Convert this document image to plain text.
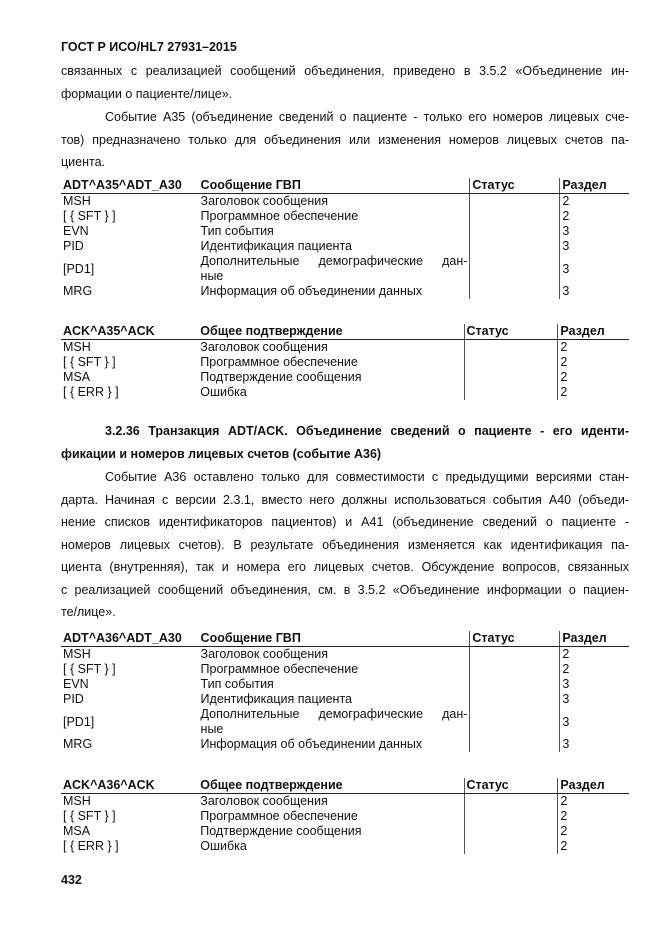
ГОСТ Р ИСО/HL7 27931–2015
связанных с реализацией сообщений объединения, приведено в 3.5.2 «Объединение ин-
формации о пациенте/лице».
Событие А35 (объединение сведений о пациенте - только его номеров лицевых сче-
тов) предназначено только для объединения или изменения номеров лицевых счетов па-
циента.
ADT^A35^ADT_A30	Сообщение ГВП	Статус	Раздел
MSH	Заголовок сообщения		2
[ { SFT } ]	Программное обеспечение		2
EVN	Тип события		3
PID	Идентификация пациента		3
[PD1]	Дополнительные демографические дан-
ные		3
MRG	Информация об объединении данных		3
ACK^A35^ACK	Общее подтверждение	Статус	Раздел
MSH	Заголовок сообщения		2
[ { SFT } ]	Программное обеспечение		2
MSA	Подтверждение сообщения		2
[ { ERR } ]	Ошибка		2
3.2.36 Транзакция ADT/ACK. Объединение сведений о пациенте - его иденти-
фикации и номеров лицевых счетов (событие А36)
Событие А36 оставлено только для совместимости с предыдущими версиями стан-
дарта. Начиная с версии 2.3.1, вместо него должны использоваться события А40 (объеди-
нение списков идентификаторов пациентов) и А41 (объединение сведений о пациенте -
номеров лицевых счетов). В результате объединения изменяется как идентификация па-
циента (внутренняя), так и номера его лицевых счетов. Обсуждение вопросов, связанных
с реализацией сообщений объединения, см. в 3.5.2 «Объединение информации о пациен-
те/лице».
ADT^A36^ADT_A30	Сообщение ГВП	Статус	Раздел
MSH	Заголовок сообщения		2
[ { SFT } ]	Программное обеспечение		2
EVN	Тип события		3
PID	Идентификация пациента		3
[PD1]	Дополнительные демографические дан-
ные		3
MRG	Информация об объединении данных		3
ACK^A36^ACK	Общее подтверждение	Статус	Раздел
MSH	Заголовок сообщения		2
[ { SFT } ]	Программное обеспечение		2
MSA	Подтверждение сообщения		2
[ { ERR } ]	Ошибка		2
432
